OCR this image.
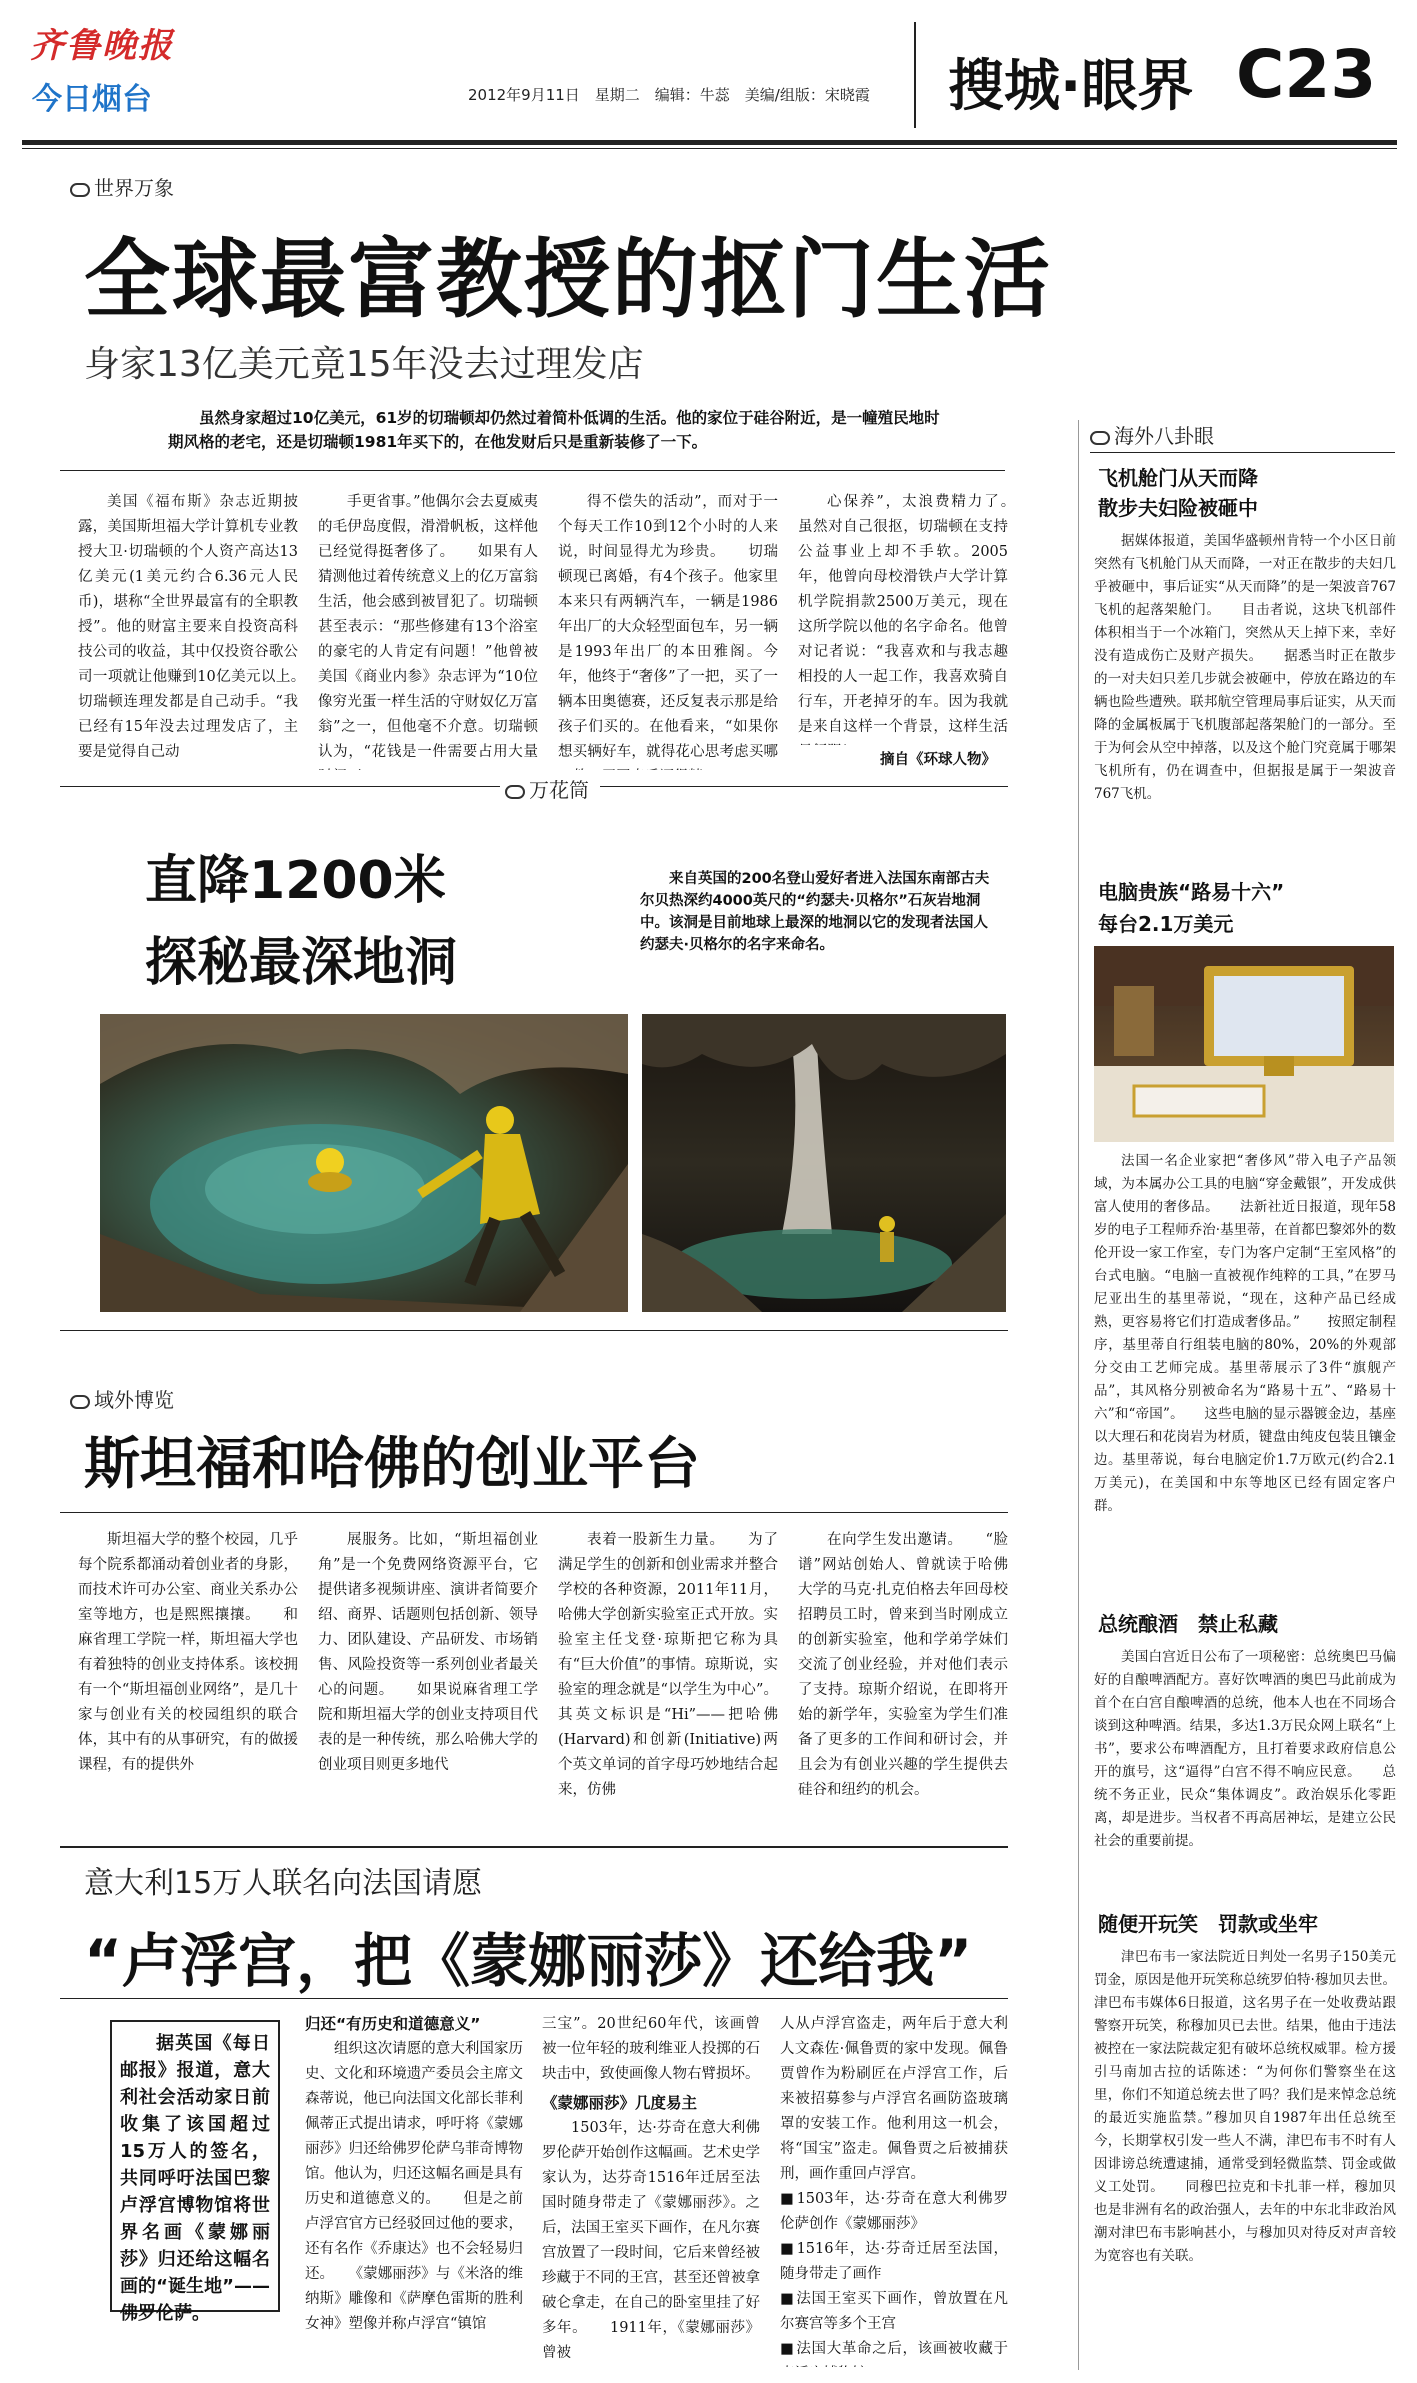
齐鲁晚报
今日烟台	2012年9月11日　星期二　编辑：牛蕊　美编/组版：宋晓霞 搜城·眼界 C23
世界万象
全球最富教授的抠门生活
身家13亿美元竟15年没去过理发店
虽然身家超过10亿美元，61岁的切瑞顿却仍然过着简朴低调的生活。他的家位于硅谷附近，是一幢殖民地时期风格的老宅，还是切瑞顿1981年买下的，在他发财后只是重新装修了一下。

美国《福布斯》杂志近期披露，美国斯坦福大学计算机专业教授大卫·切瑞顿的个人资产高达13亿美元(1美元约合6.36元人民币)，堪称“全世界最富有的全职教授”。他的财富主要来自投资高科技公司的收益，其中仅投资谷歌公司一项就让他赚到10亿美元以上。　　切瑞顿连理发都是自己动手。“我已经有15年没去过理发店了，主要是觉得自己动

手更省事。”他偶尔会去夏威夷的毛伊岛度假，滑滑帆板，这样他已经觉得挺奢侈了。　　如果有人猜测他过着传统意义上的亿万富翁生活，他会感到被冒犯了。切瑞顿甚至表示：“那些修建有13个浴室的豪宅的人肯定有问题！”他曾被美国《商业内参》杂志评为“10位像穷光蛋一样生活的守财奴亿万富翁”之一，但他毫不介意。切瑞顿认为，“花钱是一件需要占用大量

得不偿失的活动”，而对于一个每天工作10到12个小时的人来说，时间显得尤为珍贵。　　切瑞顿现已离婚，有4个孩子。他家里本来只有两辆汽车，一辆是1986年出厂的大众轻型面包车，另一辆是1993年出厂的本田雅阁。今年，他终于“奢侈”了一把，买了一辆本田奥德赛，还反复表示那是给孩子们买的。在他看来，“如果你想买辆好车，就得花心思考虑买哪

心保养”，太浪费精力了。　　虽然对自己很抠，切瑞顿在支持公益事业上却不手软。2005年，他曾向母校滑铁卢大学计算机学院捐款2500万美元，现在这所学院以他的名字命名。他曾对记者说：“我喜欢和与我志趣相投的人一起工作，我喜欢骑自行车，开老掉牙的车。因为我就是来自这样一个背景，这样生活

摘自《环球人物》
万花筒
直降1200米
探秘最深地洞
来自英国的200名登山爱好者进入法国东南部古夫尔贝热深约4000英尺的“约瑟夫·贝格尔”石灰岩地洞中。该洞是目前地球上最深的地洞以它的发现者法国人约瑟夫·贝格尔的名字来命名。
域外博览
斯坦福和哈佛的创业平台

斯坦福大学的整个校园，几乎每个院系都涌动着创业者的身影，而技术许可办公室、商业关系办公室等地方，也是熙熙攘攘。　　和麻省理工学院一样，斯坦福大学也有着独特的创业支持体系。该校拥有一个“斯坦福创业网络”，是几十家与创业有关的校园组织的联合体，其中有的从事研究，有的做援课程，有的提供外

展服务。比如，“斯坦福创业角”是一个免费网络资源平台，它提供诸多视频讲座、演讲者简要介绍、商界、话题则包括创新、领导力、团队建设、产品研发、市场销售、风险投资等一系列创业者最关心的问题。　　如果说麻省理工学院和斯坦福大学的创业支持项目代表的是一种传统，那么哈佛大学的创业项目则更多地代

表着一股新生力量。　　为了满足学生的创新和创业需求并整合学校的各种资源，2011年11月，哈佛大学创新实验室正式开放。实验室主任戈登·琼斯把它称为具有“巨大价值”的事情。琼斯说，实验室的理念就是“以学生为中心”。其英文标识是“Hi”——把哈佛(Harvard)和创新(Initiative)两个英文单词的首字母巧妙地结合起来，仿佛

在向学生发出邀请。　　“脸谱”网站创始人、曾就读于哈佛大学的马克·扎克伯格去年回母校招聘员工时，曾来到当时刚成立的创新实验室，他和学弟学妹们交流了创业经验，并对他们表示了支持。琼斯介绍说，在即将开始的新学年，实验室为学生们准备了更多的工作间和研讨会，并且会为有创业兴趣的学生提供去硅谷和纽约的机会。

意大利15万人联名向法国请愿
“卢浮宫，把《蒙娜丽莎》还给我”
据英国《每日邮报》报道，意大利社会活动家日前收集了该国超过15万人的签名，共同呼吁法国巴黎卢浮宫博物馆将世界名画《蒙娜丽莎》归还给这幅名画的“诞生地”——佛罗伦萨。
归还“有历史和道德意义”

组织这次请愿的意大利国家历史、文化和环境遗产委员会主席文森蒂说，他已向法国文化部长菲利佩蒂正式提出请求，呼吁将《蒙娜丽莎》归还给佛罗伦萨乌菲奇博物馆。他认为，归还这幅名画是具有历史和道德意义的。　　但是之前卢浮宫官方已经驳回过他的要求，还有名作《乔康达》也不会轻易归还。　　《蒙娜丽莎》与《米洛的维纳斯》雕像和《萨摩色雷斯的胜利女神》塑像并称卢浮宫“镇馆

三宝”。20世纪60年代，该画曾被一位年轻的玻利维亚人投掷的石块击中，致使画像人物右臂损坏。

《蒙娜丽莎》几度易主

1503年，达·芬奇在意大利佛罗伦萨开始创作这幅画。艺术史学家认为，达芬奇1516年迁居至法国时随身带走了《蒙娜丽莎》。之后，法国王室买下画作，在凡尔赛宫放置了一段时间，它后来曾经被珍藏于不同的王宫，甚至还曾被拿破仑拿走，在自己的卧室里挂了好多年。　　1911年，《蒙娜丽莎》曾被

人从卢浮宫盗走，两年后于意大利人文森佐·佩鲁贾的家中发现。佩鲁贾曾作为粉刷匠在卢浮宫工作，后来被招募参与卢浮宫名画防盗玻璃罩的安装工作。他利用这一机会，将“国宝”盗走。佩鲁贾之后被捕获刑，画作重回卢浮宫。

■ 1503年，达·芬奇在意大利佛罗伦萨创作《蒙娜丽莎》
■ 1516年，达·芬奇迁居至法国，随身带走了画作
■ 法国王室买下画作，曾放置在凡尔赛宫等多个王宫
■ 法国大革命之后，该画被收藏于
海外八卦眼
飞机舱门从天而降
散步夫妇险被砸中

据媒体报道，美国华盛顿州肯特一个小区日前突然有飞机舱门从天而降，一对正在散步的夫妇几乎被砸中，事后证实“从天而降”的是一架波音767飞机的起落架舱门。　　目击者说，这块飞机部件体积相当于一个冰箱门，突然从天上掉下来，幸好没有造成伤亡及财产损失。　　据悉当时正在散步的一对夫妇只差几步就会被砸中，停放在路边的车辆也险些遭殃。联邦航空管理局事后证实，从天而降的金属板属于飞机腹部起落架舱门的一部分。至于为何会从空中掉落，以及这个舱门究竟属于哪架飞机所有，仍在调查中，但据报是属于一架波音767飞机。

电脑贵族“路易十六”
每台2.1万美元

法国一名企业家把“奢侈风”带入电子产品领域，为本属办公工具的电脑“穿金戴银”，开发成供富人使用的奢侈品。　　法新社近日报道，现年58岁的电子工程师乔治·基里蒂，在首都巴黎郊外的数伦开设一家工作室，专门为客户定制“王室风格”的台式电脑。“电脑一直被视作纯粹的工具，”在罗马尼亚出生的基里蒂说，“现在，这种产品已经成熟，更容易将它们打造成奢侈品。”　　按照定制程序，基里蒂自行组装电脑的80%，20%的外观部分交由工艺师完成。基里蒂展示了3件“旗舰产品”，其风格分别被命名为“路易十五”、“路易十六”和“帝国”。　　这些电脑的显示器镀金边，基座以大理石和花岗岩为材质，键盘由纯皮包装且镶金边。基里蒂说，每台电脑定价1.7万欧元(约合2.1万美元)，在美国和中东等地区已经有固定客户群。

总统酿酒　禁止私藏

美国白宫近日公布了一项秘密：总统奥巴马偏好的自酿啤酒配方。喜好饮啤酒的奥巴马此前成为首个在白宫自酿啤酒的总统，他本人也在不同场合谈到这种啤酒。结果，多达1.3万民众网上联名“上书”，要求公布啤酒配方，且打着要求政府信息公开的旗号，这“逼得”白宫不得不响应民意。　　总统不务正业，民众“集体调皮”。政治娱乐化零距离，却是进步。当权者不再高居神坛，是建立公民社会的重要前提。

随便开玩笑　罚款或坐牢

津巴布韦一家法院近日判处一名男子150美元罚金，原因是他开玩笑称总统罗伯特·穆加贝去世。津巴布韦媒体6日报道，这名男子在一处收费站跟警察开玩笑，称穆加贝已去世。结果，他由于违法被控在一家法院裁定犯有破坏总统权威罪。检方援引马南加古拉的话陈述：“为何你们警察坐在这里，你们不知道总统去世了吗？我们是来悼念总统的最近实施监禁。”穆加贝自1987年出任总统至今，长期掌权引发一些人不满，津巴布韦不时有人因诽谤总统遭逮捕，通常受到轻微监禁、罚金或做义工处罚。　　同穆巴拉克和卡扎菲一样，穆加贝也是非洲有名的政治强人，去年的中东北非政治风潮对津巴布韦影响甚小，与穆加贝对待反对声音较为宽容也有关联。
